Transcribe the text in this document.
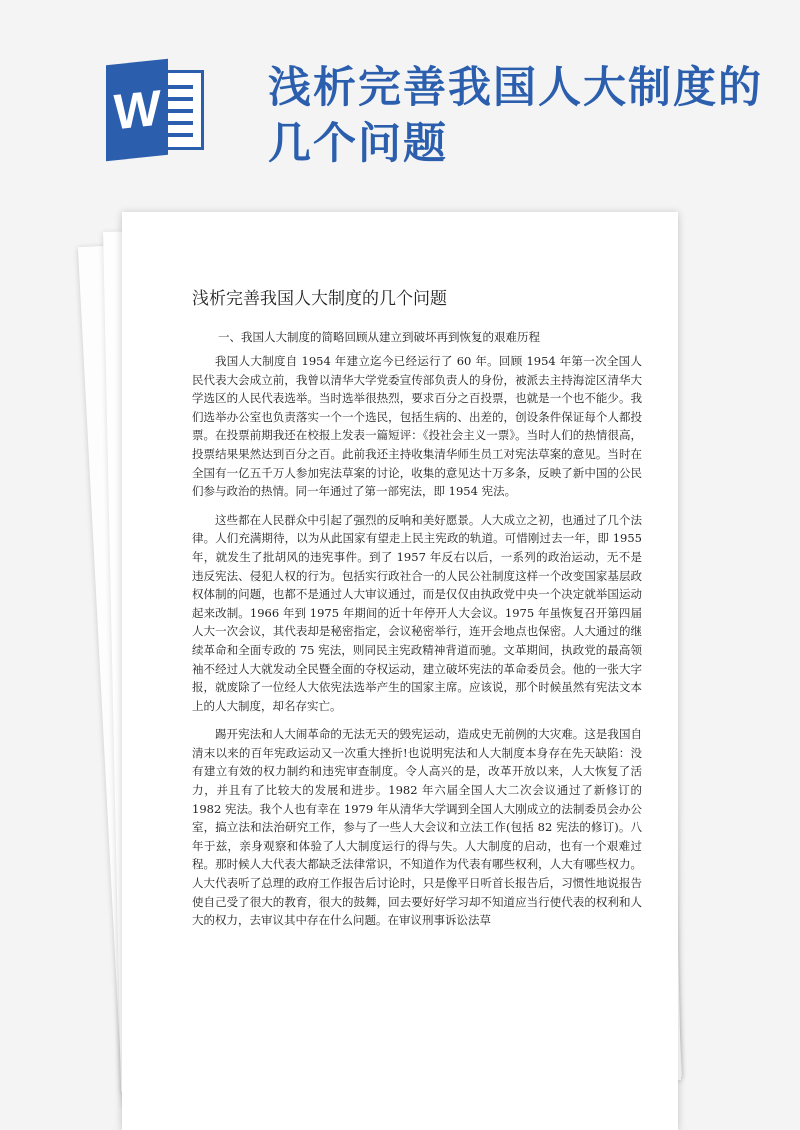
W 浅析完善我国人大制度的几个问题
浅析完善我国人大制度的几个问题
一、我国人大制度的简略回顾从建立到破坏再到恢复的艰难历程

我国人大制度自 1954 年建立迄今已经运行了 60 年。回顾 1954 年第一次全国人民代表大会成立前，我曾以清华大学党委宣传部负责人的身份，被派去主持海淀区清华大学选区的人民代表选举。当时选举很热烈，要求百分之百投票，也就是一个也不能少。我们选举办公室也负责落实一个一个选民，包括生病的、出差的，创设条件保证每个人都投票。在投票前期我还在校报上发表一篇短评：《投社会主义一票》。当时人们的热情很高，投票结果果然达到百分之百。此前我还主持收集清华师生员工对宪法草案的意见。当时在全国有一亿五千万人参加宪法草案的讨论，收集的意见达十万多条，反映了新中国的公民们参与政治的热情。同一年通过了第一部宪法，即 1954 宪法。

这些都在人民群众中引起了强烈的反响和美好愿景。人大成立之初，也通过了几个法律。人们充满期待，以为从此国家有望走上民主宪政的轨道。可惜刚过去一年，即 1955 年，就发生了批胡风的违宪事件。到了 1957 年反右以后，一系列的政治运动，无不是违反宪法、侵犯人权的行为。包括实行政社合一的人民公社制度这样一个改变国家基层政权体制的问题，也都不是通过人大审议通过，而是仅仅由执政党中央一个决定就举国运动起来改制。1966 年到 1975 年期间的近十年停开人大会议。1975 年虽恢复召开第四届人大一次会议，其代表却是秘密指定，会议秘密举行，连开会地点也保密。人大通过的继续革命和全面专政的 75 宪法，则同民主宪政精神背道而驰。文革期间，执政党的最高领袖不经过人大就发动全民暨全面的夺权运动，建立破坏宪法的革命委员会。他的一张大字报，就废除了一位经人大依宪法选举产生的国家主席。应该说，那个时候虽然有宪法文本上的人大制度，却名存实亡。

踢开宪法和人大闹革命的无法无天的毁宪运动，造成史无前例的大灾难。这是我国自清末以来的百年宪政运动又一次重大挫折!也说明宪法和人大制度本身存在先天缺陷：没有建立有效的权力制约和违宪审查制度。令人高兴的是，改革开放以来，人大恢复了活力，并且有了比较大的发展和进步。1982 年六届全国人大二次会议通过了新修订的 1982 宪法。我个人也有幸在 1979 年从清华大学调到全国人大刚成立的法制委员会办公室，搞立法和法治研究工作，参与了一些人大会议和立法工作(包括 82 宪法的修订)。八年于兹，亲身观察和体验了人大制度运行的得与失。人大制度的启动，也有一个艰难过程。那时候人大代表大都缺乏法律常识，不知道作为代表有哪些权利，人大有哪些权力。人大代表听了总理的政府工作报告后讨论时，只是像平日听首长报告后，习惯性地说报告使自己受了很大的教育，很大的鼓舞，回去要好好学习却不知道应当行使代表的权利和人大的权力，去审议其中存在什么问题。在审议刑事诉讼法草
